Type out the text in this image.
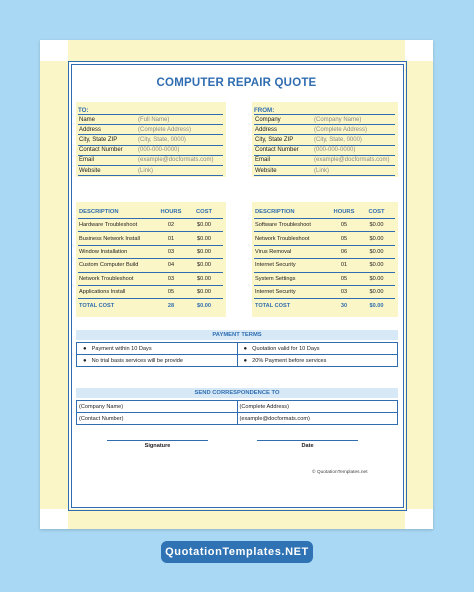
COMPUTER REPAIR QUOTE
TO:
Name	(Full Name)
Address	(Complete Address)
City, State ZIP	(City, State, 0000)
Contact Number	(000-000-0000)
Email	(example@docformats.com)
Website	(Link)
FROM:
Company	(Company Name)
Address	(Complete Address)
City, State ZIP	(City, State, 0000)
Contact Number	(000-000-0000)
Email	(example@docformats.com)
Website	(Link)
DESCRIPTION	HOURS	COST
Hardware Troubleshoot	02	$0.00
Business Network Install	01	$0.00
Window Installation	03	$0.00
Custom Computer Build	04	$0.00
Network Troubleshoot	03	$0.00
Applications Install	05	$0.00
TOTAL COST	28	$0.00
DESCRIPTION	HOURS	COST
Software Troubleshoot	05	$0.00
Network Troubleshoot	05	$0.00
Virus Removal	06	$0.00
Internet Security	01	$0.00
System Settings	05	$0.00
Internet Security	03	$0.00
TOTAL COST	30	$0.00
PAYMENT TERMS
● Payment within 10 Days	● Quotation valid for 10 Days
● No trial basis services will be provide	● 20% Payment before services
SEND CORRESPONDENCE TO
(Company Name)	(Complete Address)
(Contact Number)	(example@docformats.com)
Signature	Date
© QuotationTemplates.net
QuotationTemplates.NET
